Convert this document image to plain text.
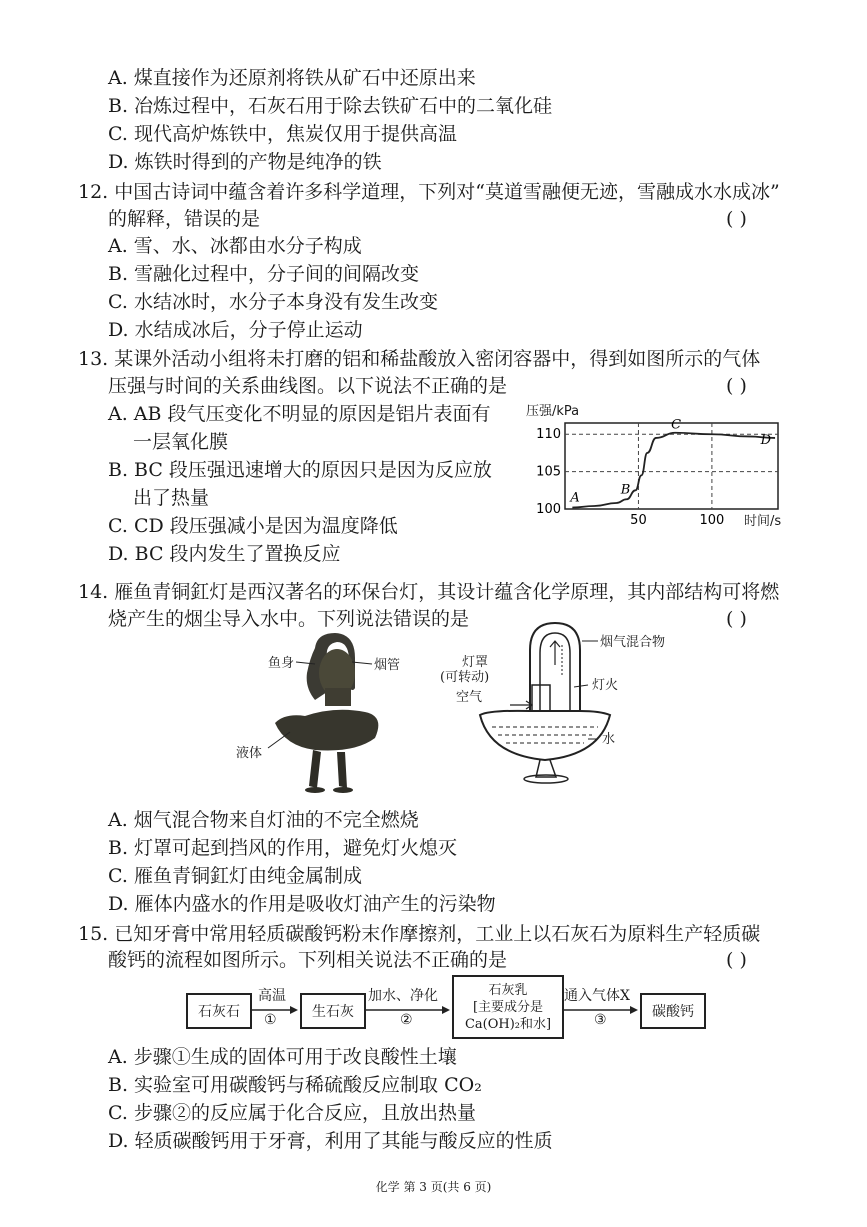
A. 煤直接作为还原剂将铁从矿石中还原出来
B. 冶炼过程中，石灰石用于除去铁矿石中的二氧化硅
C. 现代高炉炼铁中，焦炭仅用于提供高温
D. 炼铁时得到的产物是纯净的铁
12. 中国古诗词中蕴含着许多科学道理，下列对“莫道雪融便无迹，雪融成水水成冰”
的解释，错误的是	( )
A. 雪、水、冰都由水分子构成
B. 雪融化过程中，分子间的间隔改变
C. 水结冰时，水分子本身没有发生改变
D. 水结成冰后，分子停止运动
13. 某课外活动小组将未打磨的铝和稀盐酸放入密闭容器中，得到如图所示的气体
压强与时间的关系曲线图。以下说法不正确的是	( )
A. AB 段气压变化不明显的原因是铝片表面有
一层氧化膜
B. BC 段压强迅速增大的原因只是因为反应放
出了热量
C. CD 段压强减小是因为温度降低
D. BC 段内发生了置换反应
压强/kPa
100
105
110
50	100
A
B
C
D
时间/s
14. 雁鱼青铜釭灯是西汉著名的环保台灯，其设计蕴含化学原理，其内部结构可将燃
烧产生的烟尘导入水中。下列说法错误的是	( )
鱼身	烟管
液体
烟气混合物
灯罩
(可转动)
空气
灯火
水
A. 烟气混合物来自灯油的不完全燃烧
B. 灯罩可起到挡风的作用，避免灯火熄灭
C. 雁鱼青铜釭灯由纯金属制成
D. 雁体内盛水的作用是吸收灯油产生的污染物
15. 已知牙膏中常用轻质碳酸钙粉末作摩擦剂，工业上以石灰石为原料生产轻质碳
酸钙的流程如图所示。下列相关说法不正确的是	( )
石灰石
高温
①	生石灰
加水、净化
②
石灰乳
[主要成分是
Ca(OH)₂和水]
通入气体X
③	碳酸钙
A. 步骤①生成的固体可用于改良酸性土壤
B. 实验室可用碳酸钙与稀硫酸反应制取 CO₂
C. 步骤②的反应属于化合反应，且放出热量
D. 轻质碳酸钙用于牙膏，利用了其能与酸反应的性质
化学 第 3 页(共 6 页)
